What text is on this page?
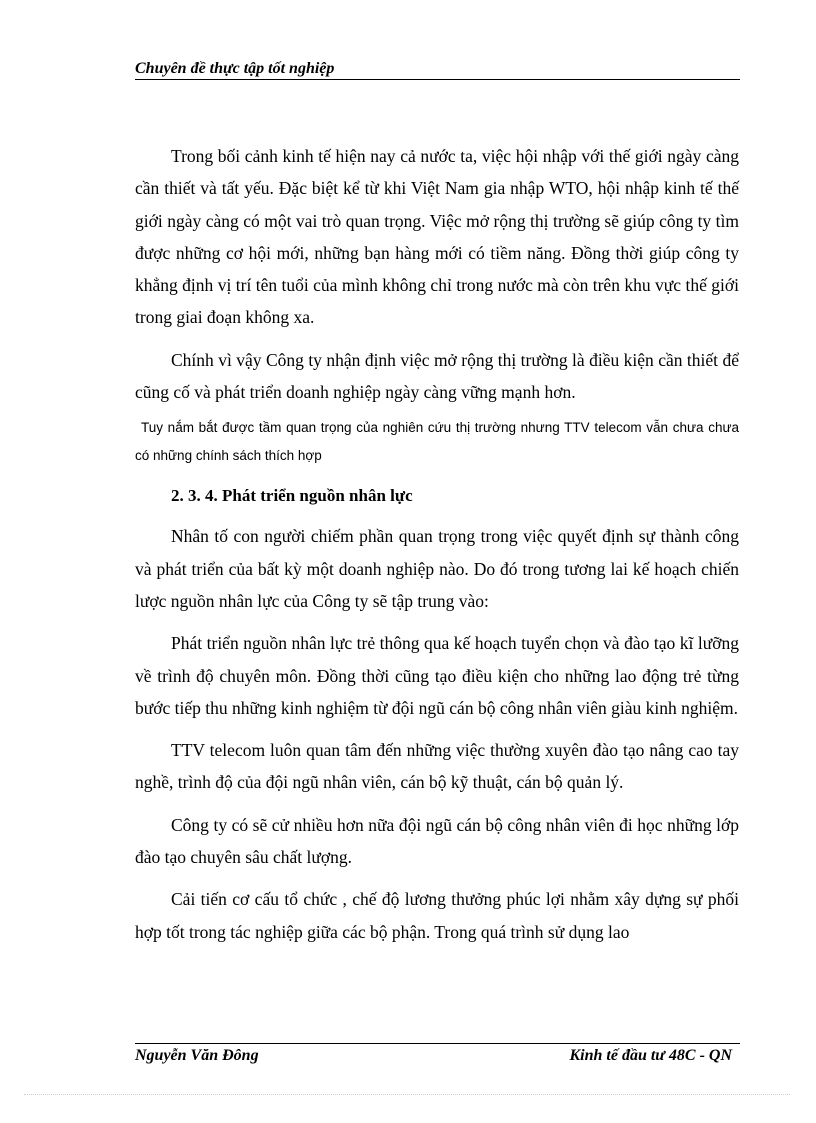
Chuyên đề thực tập tốt nghiệp

Trong bối cảnh kinh tế hiện nay cả nước ta, việc hội nhập với thế giới ngày càng cần thiết và tất yếu. Đặc biệt kể từ khi Việt Nam gia nhập WTO, hội nhập kinh tế thế giới ngày càng có một vai trò quan trọng. Việc mở rộng thị trường sẽ giúp công ty tìm được những cơ hội mới, những bạn hàng mới có tiềm năng. Đồng thời giúp công ty khẳng định vị trí tên tuổi của mình không chỉ trong nước mà còn trên khu vực thế giới trong giai đoạn không xa.

Chính vì vậy Công ty nhận định việc mở rộng thị trường là điều kiện cần thiết để cũng cố và phát triển doanh nghiệp ngày càng vững mạnh hơn.

Tuy nắm bắt được tầm quan trọng của nghiên cứu thị trường nhưng TTV telecom vẫn chưa chưa có những chính sách thích hợp

2. 3. 4. Phát triển nguồn nhân lực

Nhân tố con người chiếm phần quan trọng trong việc quyết định sự thành công và phát triển của bất kỳ một doanh nghiệp nào. Do đó trong tương lai kế hoạch chiến lược nguồn nhân lực của Công ty sẽ tập trung vào:

Phát triển nguồn nhân lực trẻ thông qua kế hoạch tuyển chọn và đào tạo kĩ lưỡng về trình độ chuyên môn. Đồng thời cũng tạo điều kiện cho những lao động trẻ từng bước tiếp thu những kinh nghiệm từ đội ngũ cán bộ công nhân viên giàu kinh nghiệm.

TTV telecom luôn quan tâm đến những việc thường xuyên đào tạo nâng cao tay nghề, trình độ của đội ngũ nhân viên, cán bộ kỹ thuật, cán bộ quản lý.

Công ty có sẽ cử nhiều hơn nữa đội ngũ cán bộ công nhân viên đi học những lớp đào tạo chuyên sâu chất lượng.

Cải tiến cơ cấu tổ chức , chế độ lương thưởng phúc lợi nhằm xây dựng sự phối hợp tốt trong tác nghiệp giữa các bộ phận. Trong quá trình sử dụng lao

Nguyễn Văn Đông	Kinh tế đầu tư 48C - QN
